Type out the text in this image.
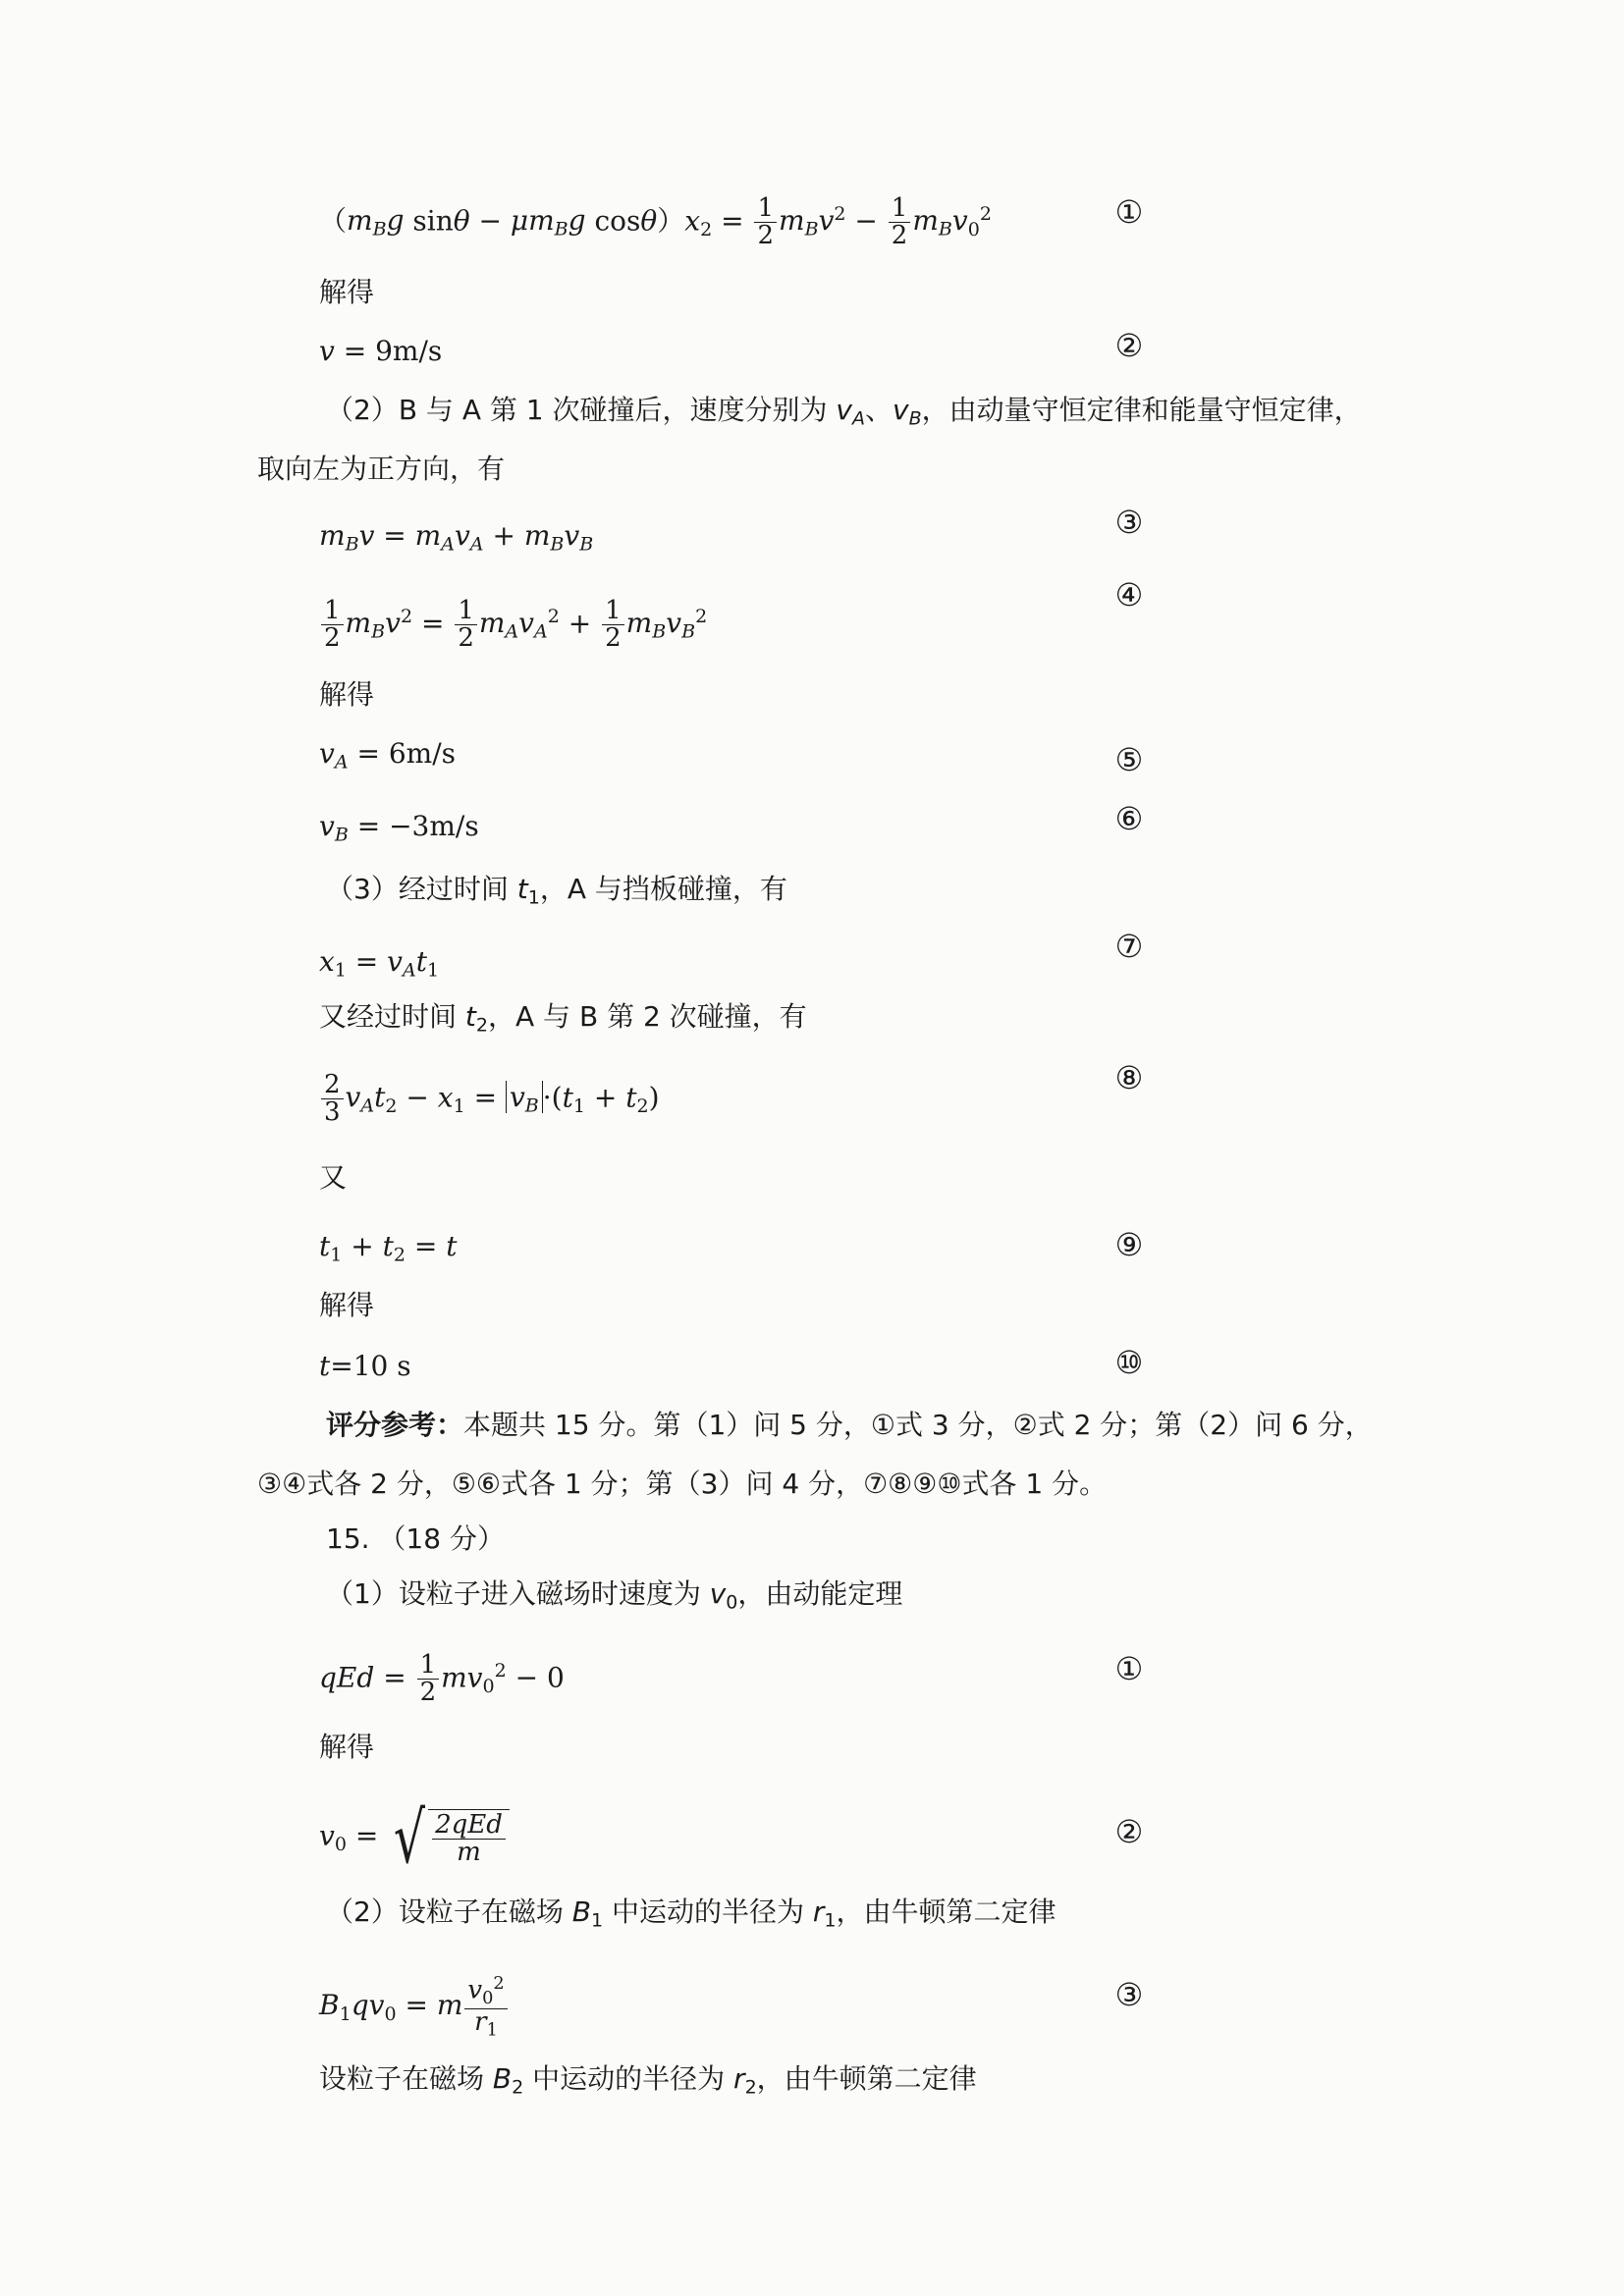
（$m_Bg$ $\sin\theta - \mu m_Bg$ $\cos\theta)x_2 = \frac{1}{2} m_Bv^2 - \frac{1}{2} m_Bv_0^2$	①
解得
v = 9m/s	②
（2）B 与 A 第 1 次碰撞后，速度分别为 $v_A$、$v_B$，由动量守恒定律和能量守恒定律，
取向左为正方向，有
$m_Bv = m_Av_A + m_Bv_B$
③
$\frac{1}{2} m_Bv^2 = \frac{1}{2} m_Av_A^2 + \frac{1}{2} m_Bv_B^2$
④
解得
$v_A = 6m/s$	⑤
$v_B = -3m/s$	⑥
（3）经过时间 $t_1$，A 与挡板碰撞，有
$x_1 = v_At_1$
⑦
又经过时间 $t_2$，A 与 B 第 2 次碰撞，有
$\frac{2}{3} v_At_2 - x_1 = v_B \cdot(t_1 + t_2)$
⑧
又
$t_1 + t_2 = t$	⑨
解得
t=10 s	⑩
评分参考：本题共 15 分。第（1）问 5 分，①式 3 分，②式 2 分；第（2）问 6 分，
③④式各 2 分，⑤⑥式各 1 分；第（3）问 4 分，⑦⑧⑨⑩式各 1 分。
15. （18 分）
（1）设粒子进入磁场时速度为 $v_0$，由动能定理
qEd = $\frac{1}{2} mv_0^2 - 0$	①
解得
$v_0$ = √ $\frac{\text{2qEd}}{m}$	②
（2）设粒子在磁场 $B_1$ 中运动的半径为 $r_1$，由牛顿第二定律
$B_1qv_0 = m \frac{v_0^2}{r_1}$	③
设粒子在磁场 $B_2$ 中运动的半径为 $r_2$，由牛顿第二定律
